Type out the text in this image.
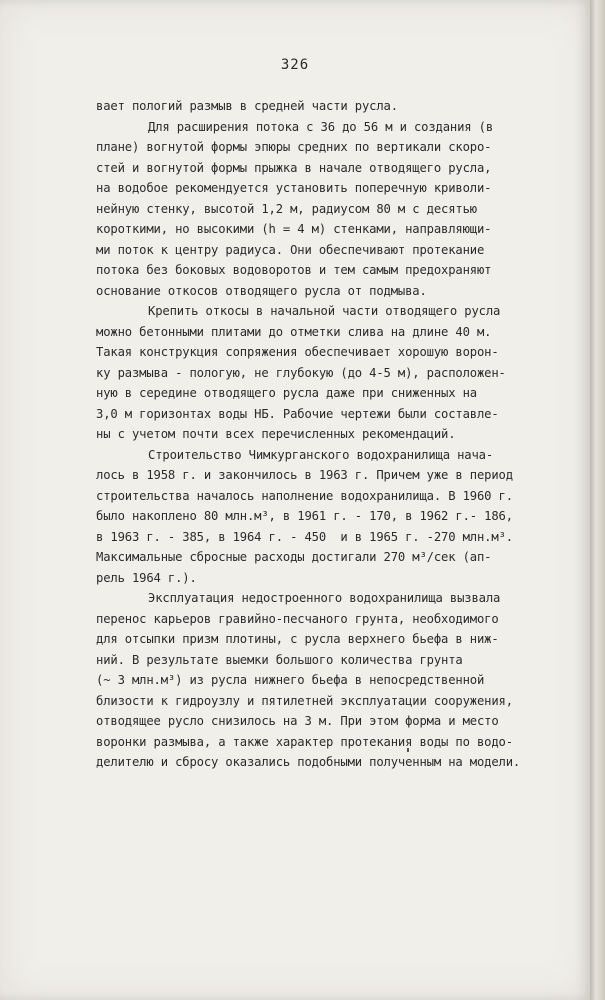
326
вает пологий размыв в средней части русла.
Для расширения потока с 36 до 56 м и создания (в
плане) вогнутой формы эпюры средних по вертикали скоро-
стей и вогнутой формы прыжка в начале отводящего русла,
на водобое рекомендуется установить поперечную криволи-
нейную стенку, высотой 1,2 м, радиусом 80 м с десятью
короткими, но высокими (h = 4 м) стенками, направляющи-
ми поток к центру радиуса. Они обеспечивают протекание
потока без боковых водоворотов и тем самым предохраняют
основание откосов отводящего русла от подмыва.
Крепить откосы в начальной части отводящего русла
можно бетонными плитами до отметки слива на длине 40 м.
Такая конструкция сопряжения обеспечивает хорошую ворон-
ку размыва - пологую, не глубокую (до 4-5 м), расположен-
ную в середине отводящего русла даже при сниженных на
3,0 м горизонтах воды НБ. Рабочие чертежи были составле-
ны с учетом почти всех перечисленных рекомендаций.
Строительство Чимкурганского водохранилища нача-
лось в 1958 г. и закончилось в 1963 г. Причем уже в период
строительства началось наполнение водохранилища. В 1960 г.
было накоплено 80 млн.м³, в 1961 г. - 170, в 1962 г.- 186,
в 1963 г. - 385, в 1964 г. - 450  и в 1965 г. -270 млн.м³.
Максимальные сбросные расходы достигали 270 м³/сек (ап-
рель 1964 г.).
Эксплуатация недостроенного водохранилища вызвала
перенос карьеров гравийно-песчаного грунта, необходимого
для отсыпки призм плотины, с русла верхнего бьефа в ниж-
ний. В результате выемки большого количества грунта
(~ 3 млн.м³) из русла нижнего бьефа в непосредственной
близости к гидроузлу и пятилетней эксплуатации сооружения,
отводящее русло снизилось на 3 м. При этом форма и место
воронки размыва, а также характер протекания воды по водо-
делителю и сбросу оказались подобными полученным на модели.
